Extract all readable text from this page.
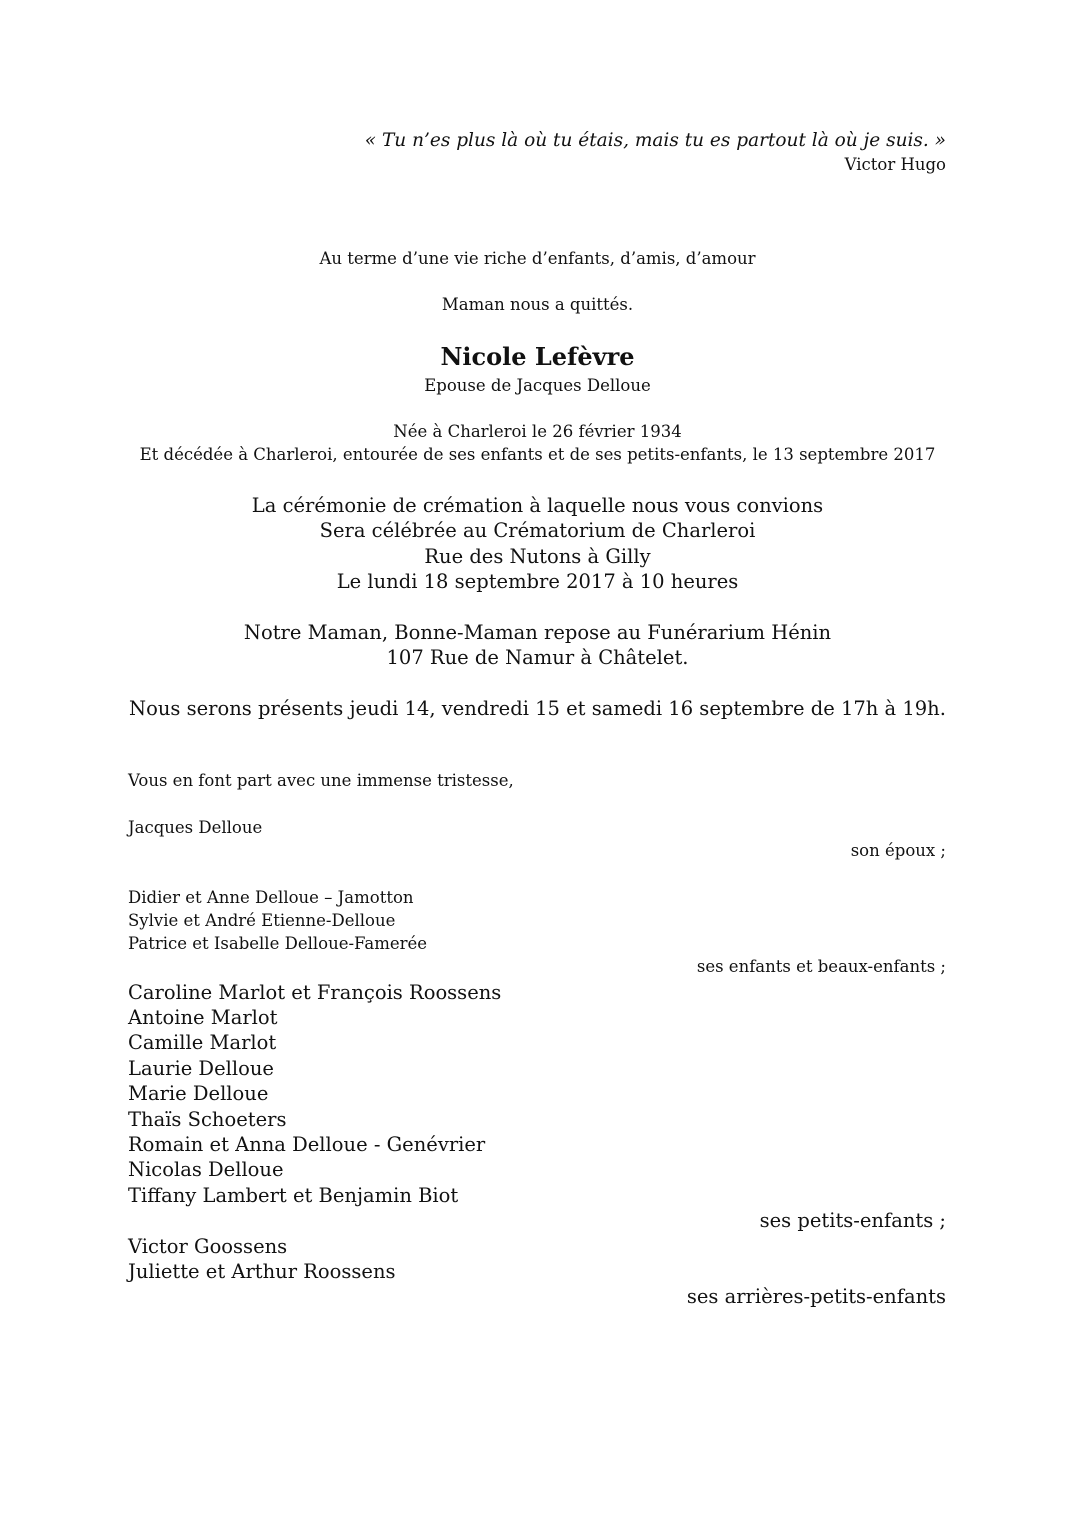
« Tu n’es plus là où tu étais, mais tu es partout là où je suis. »

Victor Hugo

Au terme d’une vie riche d’enfants, d’amis, d’amour

Maman nous a quittés.

Nicole Lefèvre

Epouse de Jacques Delloue

Née à Charleroi le 26 février 1934

Et décédée à Charleroi, entourée de ses enfants et de ses petits-enfants, le 13 septembre 2017

La cérémonie de crémation à laquelle nous vous convions

Sera célébrée au Crématorium de Charleroi

Rue des Nutons à Gilly

Le lundi 18 septembre 2017 à 10 heures

Notre Maman, Bonne-Maman repose au Funérarium Hénin

107 Rue de Namur à Châtelet.

Nous serons présents jeudi 14, vendredi 15 et samedi 16 septembre de 17h à 19h.

Vous en font part avec une immense tristesse,

Jacques Delloue

son époux ;

Didier et Anne Delloue – Jamotton

Sylvie et André Etienne-Delloue

Patrice et Isabelle Delloue-Famerée

ses enfants et beaux-enfants ;

Caroline Marlot et François Roossens

Antoine Marlot

Camille Marlot

Laurie Delloue

Marie Delloue

Thaïs Schoeters

Romain et Anna Delloue - Genévrier

Nicolas Delloue

Tiffany Lambert et Benjamin Biot

ses petits-enfants ;

Victor Goossens

Juliette et Arthur Roossens

ses arrières-petits-enfants
